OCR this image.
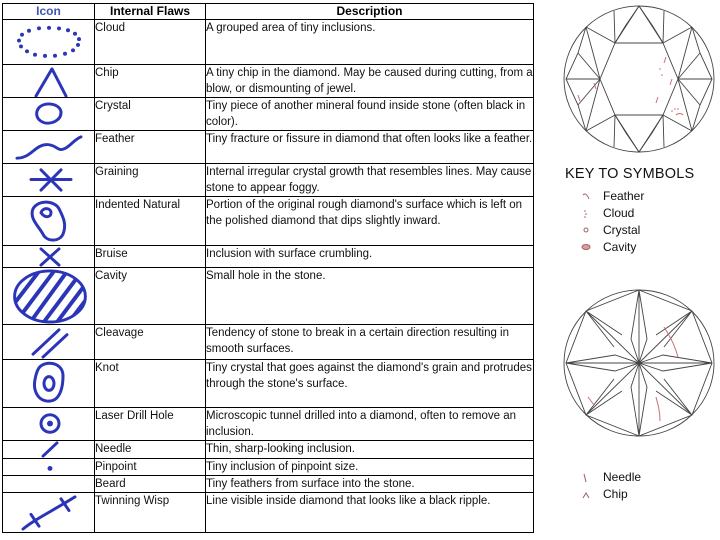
Icon	Internal Flaws	Description

	Cloud	A grouped area of tiny inclusions.

	Chip	A tiny chip in the diamond. May be caused during cutting, from a blow, or dismounting of jewel.

	Crystal	Tiny piece of another mineral found inside stone (often black in color).

	Feather	Tiny fracture or fissure in diamond that often looks like a feather.

	Graining	Internal irregular crystal growth that resembles lines. May cause stone to appear foggy.

	Indented Natural	Portion of the original rough diamond's surface which is left on the polished diamond that dips slightly inward.

	Bruise	Inclusion with surface crumbling.

	Cavity	Small hole in the stone.

	Cleavage	Tendency of stone to break in a certain direction resulting in smooth surfaces.

	Knot	Tiny crystal that goes against the diamond's grain and protrudes through the stone's surface.

	Laser Drill Hole	Microscopic tunnel drilled into a diamond, often to remove an inclusion.

	Needle	Thin, sharp-looking inclusion.

	Pinpoint	Tiny inclusion of pinpoint size.
	Beard	Tiny feathers from surface into the stone.

	Twinning Wisp	Line visible inside diamond that looks like a black ripple.
KEY TO SYMBOLS
Feather
Cloud
Crystal
Cavity
Needle
Chip
